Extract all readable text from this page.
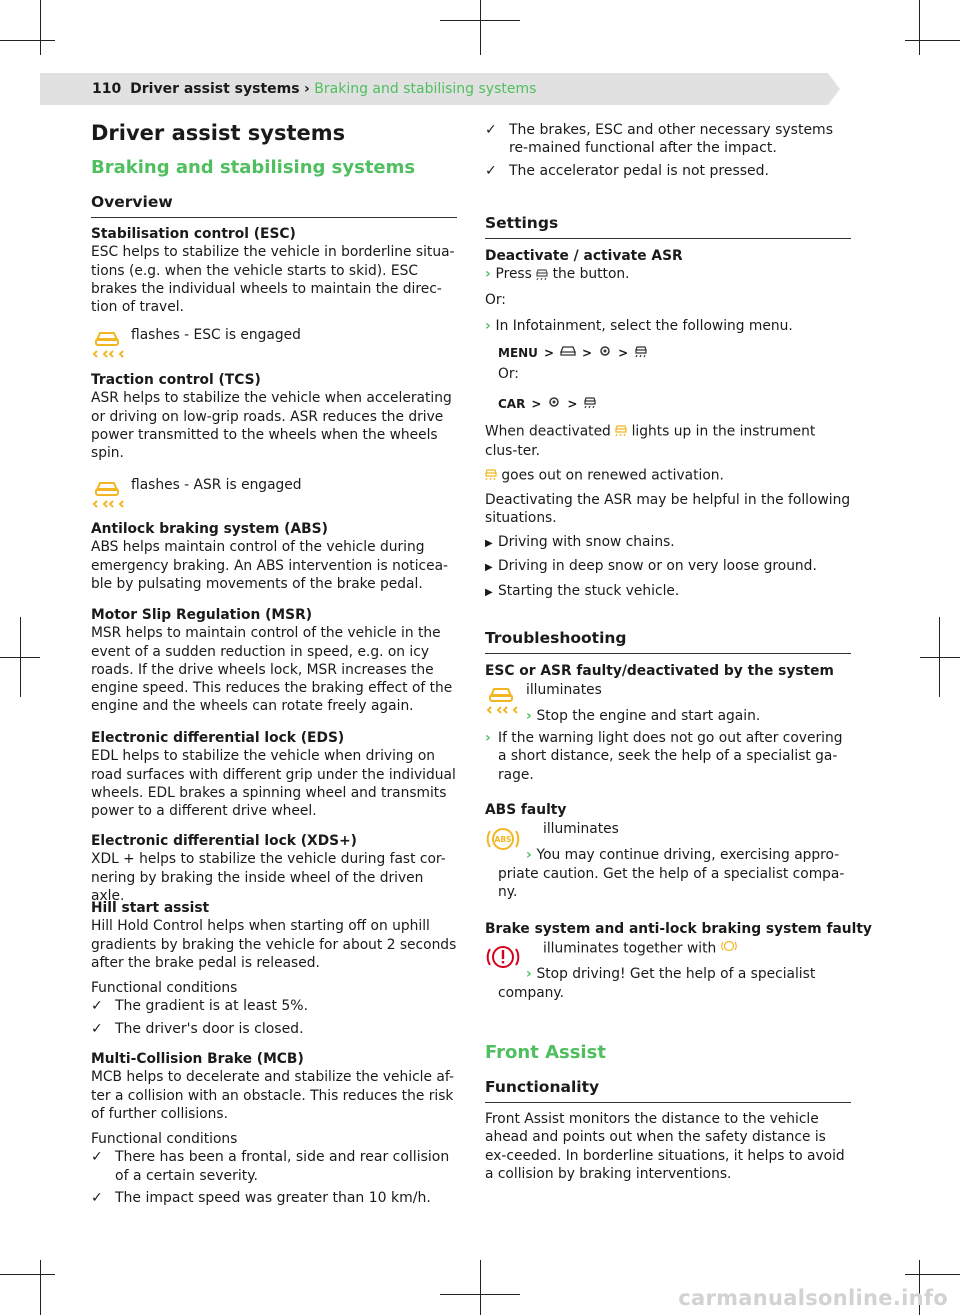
110 Driver assist systems › Braking and stabilising systems
Driver assist systems
Braking and stabilising systems
Overview

Stabilisation control (ESC)

ESC helps to stabilize the vehicle in borderline situa-tions (e.g. when the vehicle starts to skid). ESC brakes the individual wheels to maintain the direc-tion of travel.

flashes - ESC is engaged

Traction control (TCS)

ASR helps to stabilize the vehicle when accelerating or driving on low-grip roads. ASR reduces the drive power transmitted to the wheels when the wheels spin.

flashes - ASR is engaged

Antilock braking system (ABS)

ABS helps maintain control of the vehicle during emergency braking. An ABS intervention is noticea-ble by pulsating movements of the brake pedal.

Motor Slip Regulation (MSR)

MSR helps to maintain control of the vehicle in the event of a sudden reduction in speed, e.g. on icy roads. If the drive wheels lock, MSR increases the engine speed. This reduces the braking effect of the engine and the wheels can rotate freely again.

Electronic differential lock (EDS)

EDL helps to stabilize the vehicle when driving on road surfaces with different grip under the individual wheels. EDL brakes a spinning wheel and transmits power to a different drive wheel.

Electronic differential lock (XDS+)

XDL + helps to stabilize the vehicle during fast cor-nering by braking the inside wheel of the driven axle.

Hill start assist

Hill Hold Control helps when starting off on uphill gradients by braking the vehicle for about 2 seconds after the brake pedal is released.

Functional conditions

✓ The gradient is at least 5%.
✓ The driver's door is closed.

Multi-Collision Brake (MCB)

MCB helps to decelerate and stabilize the vehicle af-ter a collision with an obstacle. This reduces the risk of further collisions.

Functional conditions

✓ There has been a frontal, side and rear collision of a certain severity.
✓ The impact speed was greater than 10 km/h.
✓ The brakes, ESC and other necessary systems re-mained functional after the impact.
✓ The accelerator pedal is not pressed.
Settings

Deactivate / activate ASR

› Press

the button.

Or:

› In Infotainment, select the following menu.
MENU > > >

Or:

CAR > >

When deactivated lights up in the instrument clus-ter.

goes out on renewed activation.

Deactivating the ASR may be helpful in the following situations.

▶ Driving with snow chains.
▶ Driving in deep snow or on very loose ground.
▶ Starting the stuck vehicle.
Troubleshooting

ESC or ASR faulty/deactivated by the system

illuminates

› Stop the engine and start again.
› If the warning light does not go out after covering a short distance, seek the help of a specialist ga-rage.

ABS faulty

ABS

illuminates

› You may continue driving, exercising appro-

priate caution. Get the help of a specialist compa-ny.

Brake system and anti-lock braking system faulty

illuminates together with

› Stop driving! Get the help of a specialist

company.

Front Assist
Functionality

Front Assist monitors the distance to the vehicle ahead and points out when the safety distance is ex-ceeded. In borderline situations, it helps to avoid a collision by braking interventions.

carmanualsonline.info
